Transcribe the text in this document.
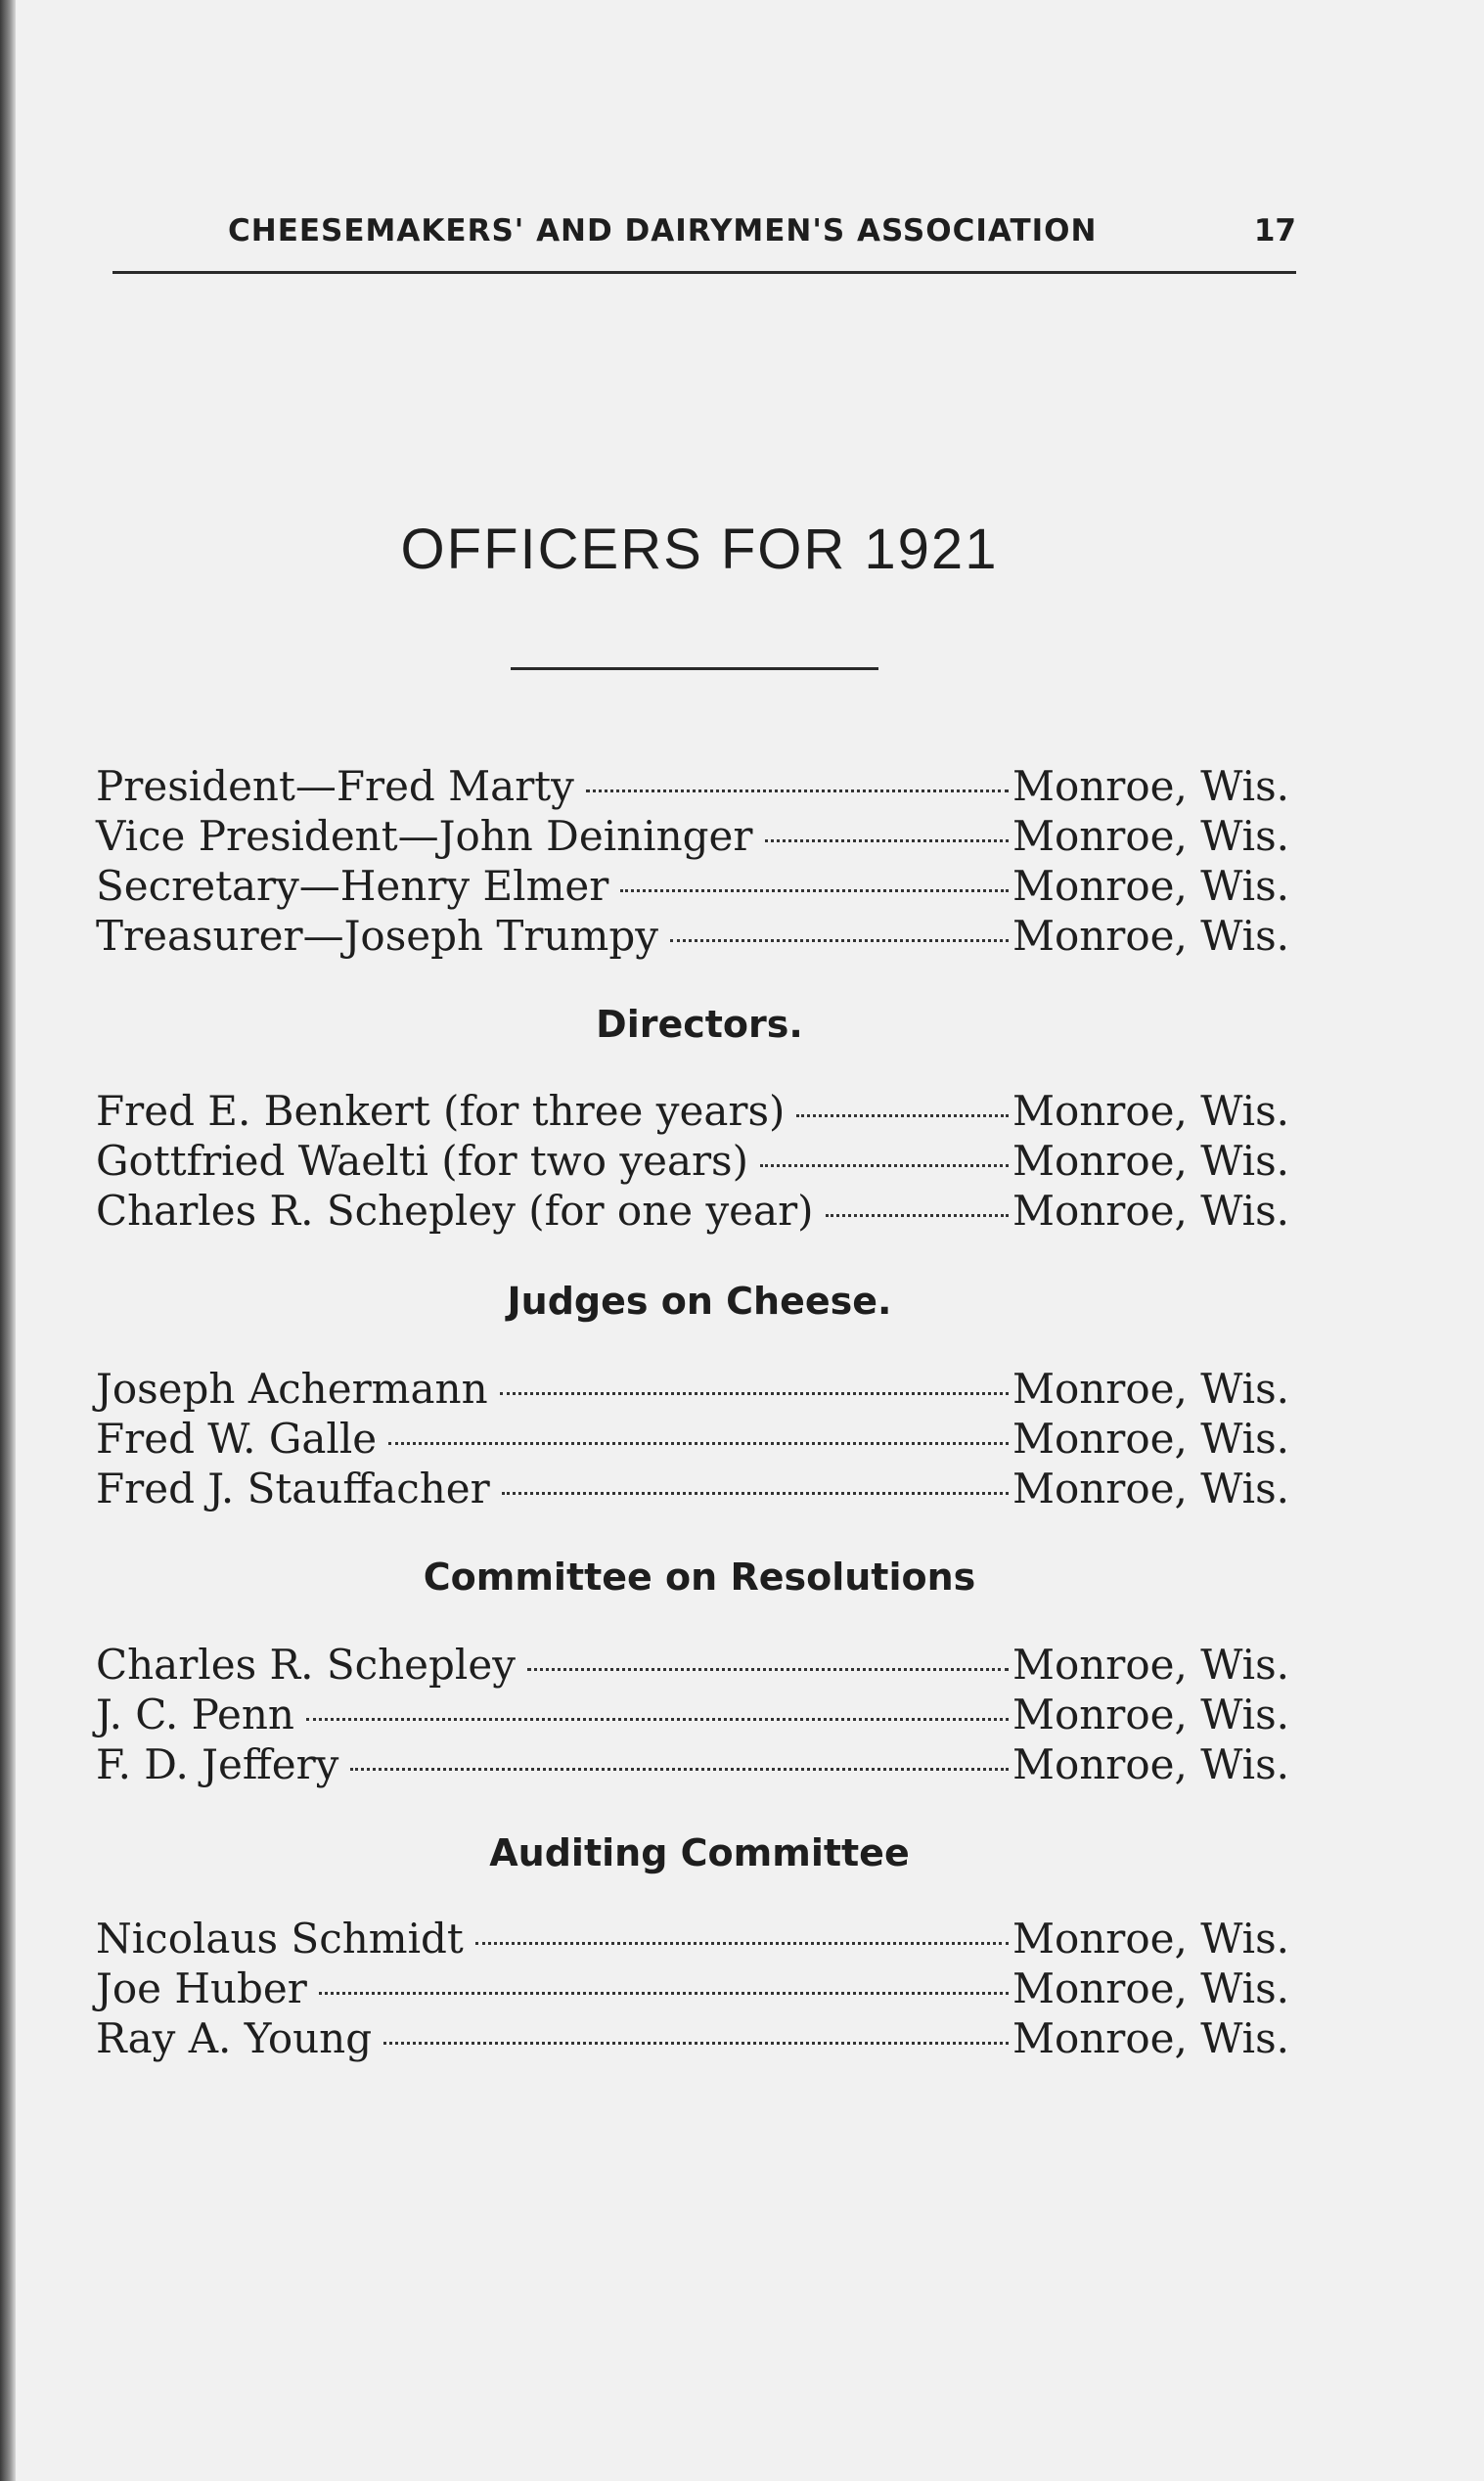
CHEESEMAKERS' AND DAIRYMEN'S ASSOCIATION	17
OFFICERS FOR 1921
President—Fred Marty	Monroe, Wis.
Vice President—John Deininger	Monroe, Wis.
Secretary—Henry Elmer	Monroe, Wis.
Treasurer—Joseph Trumpy	Monroe, Wis.
Directors.
Fred E. Benkert (for three years)	Monroe, Wis.
Gottfried Waelti (for two years)	Monroe, Wis.
Charles R. Schepley (for one year)	Monroe, Wis.
Judges on Cheese.
Joseph Achermann	Monroe, Wis.
Fred W. Galle	Monroe, Wis.
Fred J. Stauffacher	Monroe, Wis.
Committee on Resolutions
Charles R. Schepley	Monroe, Wis.
J. C. Penn	Monroe, Wis.
F. D. Jeffery	Monroe, Wis.
Auditing Committee
Nicolaus Schmidt	Monroe, Wis.
Joe Huber	Monroe, Wis.
Ray A. Young	Monroe, Wis.
